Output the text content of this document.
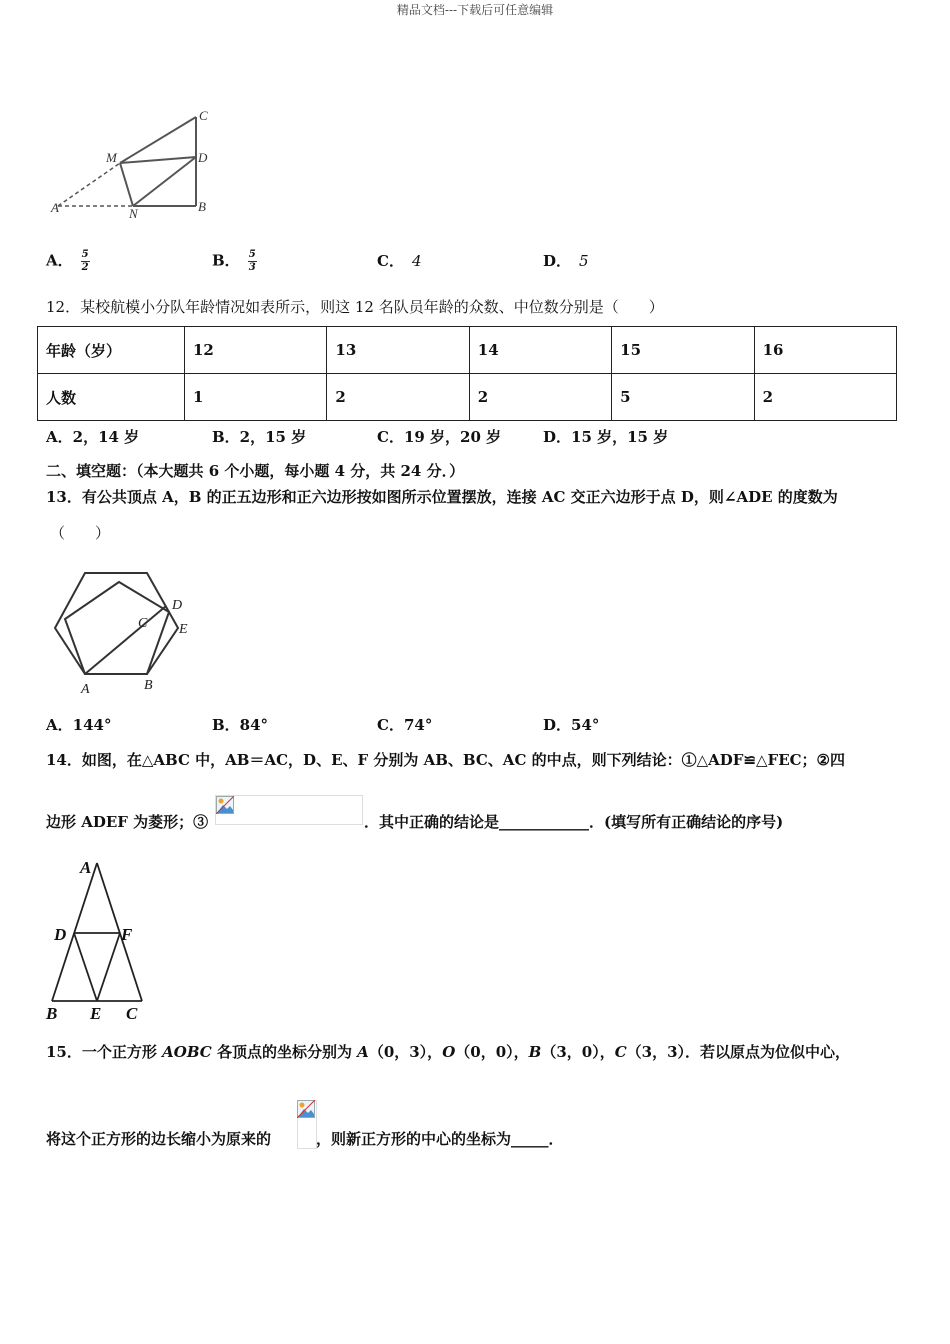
精品文档---下载后可任意编辑
C
M	D
A	N	B
A． $\frac{5}{2}$	B． $\frac{5}{3}$	C． 4	D． 5
12．某校航模小分队年龄情况如表所示，则这 12 名队员年龄的众数、中位数分别是（　　）
年龄（岁）	12	13	14	15	16
人数	1	2	2	5	2
A．2，14 岁	B．2，15 岁	C．19 岁，20 岁	D．15 岁，15 岁
二、填空题：（本大题共 6 个小题，每小题 4 分，共 24 分．）
13．有公共顶点 A，B 的正五边形和正六边形按如图所示位置摆放，连接 AC 交正六边形于点 D，则∠ADE 的度数为
（　　）
D
C E
A	B
A．144°	B．84°	C．74°	D．54°
14．如图，在△ABC 中，AB＝AC，D、E、F 分别为 AB、BC、AC 的中点，则下列结论：①△ADF≌△FEC；②四
边形 ADEF 为菱形；③	．其中正确的结论是____________．(填写所有正确结论的序号)
A
D	F
B E C
15．一个正方形 AOBC 各顶点的坐标分别为 A（0，3），O（0，0），B（3，0），C（3，3）．若以原点为位似中心，
将这个正方形的边长缩小为原来的	，则新正方形的中心的坐标为_____．
